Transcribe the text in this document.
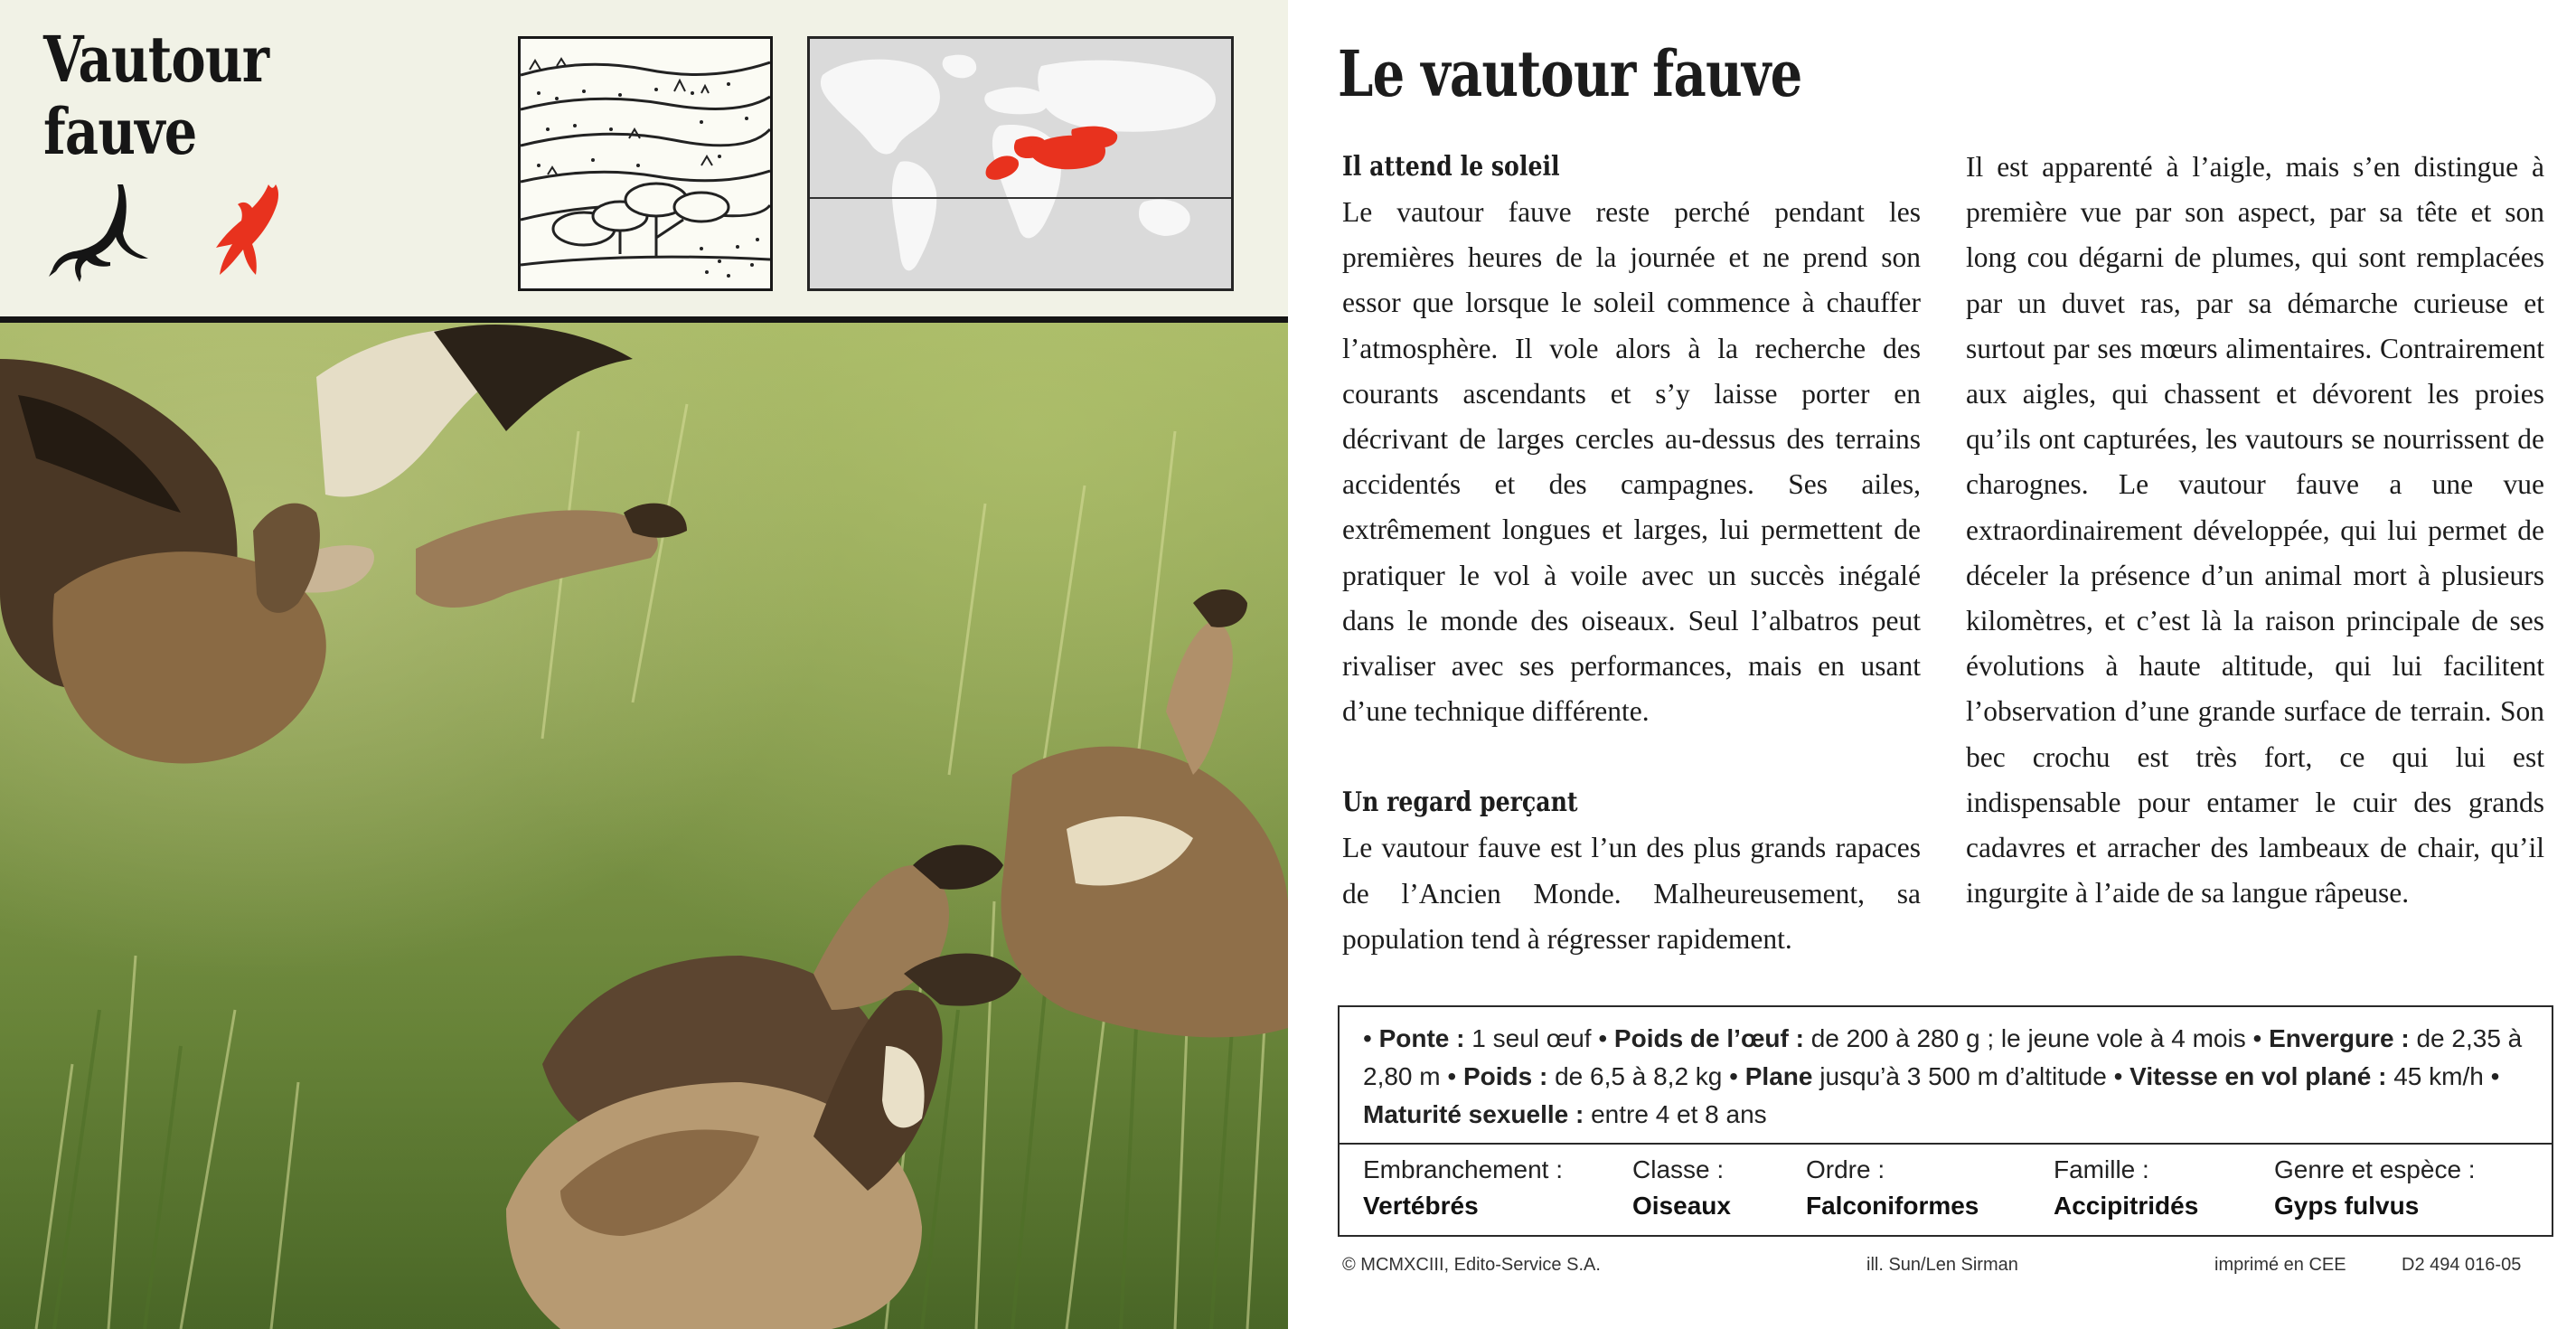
Vautour
fauve
Le vautour fauve
Il attend le soleil

Le vautour fauve reste perché pendant les premières heures de la journée et ne prend son essor que lorsque le soleil commence à chauffer l’atmosphère. Il vole alors à la recherche des courants ascendants et s’y laisse porter en décrivant de larges cercles au-dessus des terrains accidentés et des campagnes. Ses ailes, extrêmement longues et larges, lui permettent de pratiquer le vol à voile avec un succès inégalé dans le monde des oiseaux. Seul l’albatros peut rivaliser avec ses performances, mais en usant d’une technique différente.

Un regard perçant

Le vautour fauve est l’un des plus grands rapaces de l’Ancien Monde. Malheureusement, sa population tend à régresser rapidement.

Il est apparenté à l’aigle, mais s’en distingue à première vue par son aspect, par sa tête et son long cou dégarni de plumes, qui sont remplacées par un duvet ras, par sa démarche curieuse et surtout par ses mœurs alimentaires. Contrairement aux aigles, qui chassent et dévorent les proies qu’ils ont capturées, les vautours se nourrissent de charognes. Le vautour fauve a une vue extraordinairement développée, qui lui permet de déceler la présence d’un animal mort à plusieurs kilomètres, et c’est là la raison principale de ses évolutions à haute altitude, qui lui facilitent l’observation d’une grande surface de terrain. Son bec crochu est très fort, ce qui lui est indispensable pour entamer le cuir des grands cadavres et arracher des lambeaux de chair, qu’il ingurgite à l’aide de sa langue râpeuse.

• Ponte : 1 seul œuf • Poids de l’œuf : de 200 à 280 g ; le jeune vole à 4 mois • Envergure : de 2,35 à 2,80 m • Poids : de 6,5 à 8,2 kg • Plane jusqu’à 3 500 m d’altitude • Vitesse en vol plané : 45 km/h • Maturité sexuelle : entre 4 et 8 ans
Embranchement :
Vertébrés
Classe :
Oiseaux
Ordre :
Falconiformes
Famille :
Accipitridés
Genre et espèce :
Gyps fulvus
© MCMXCIII, Edito-Service S.A.	ill. Sun/Len Sirman	imprimé en CEE	D2 494 016-05
